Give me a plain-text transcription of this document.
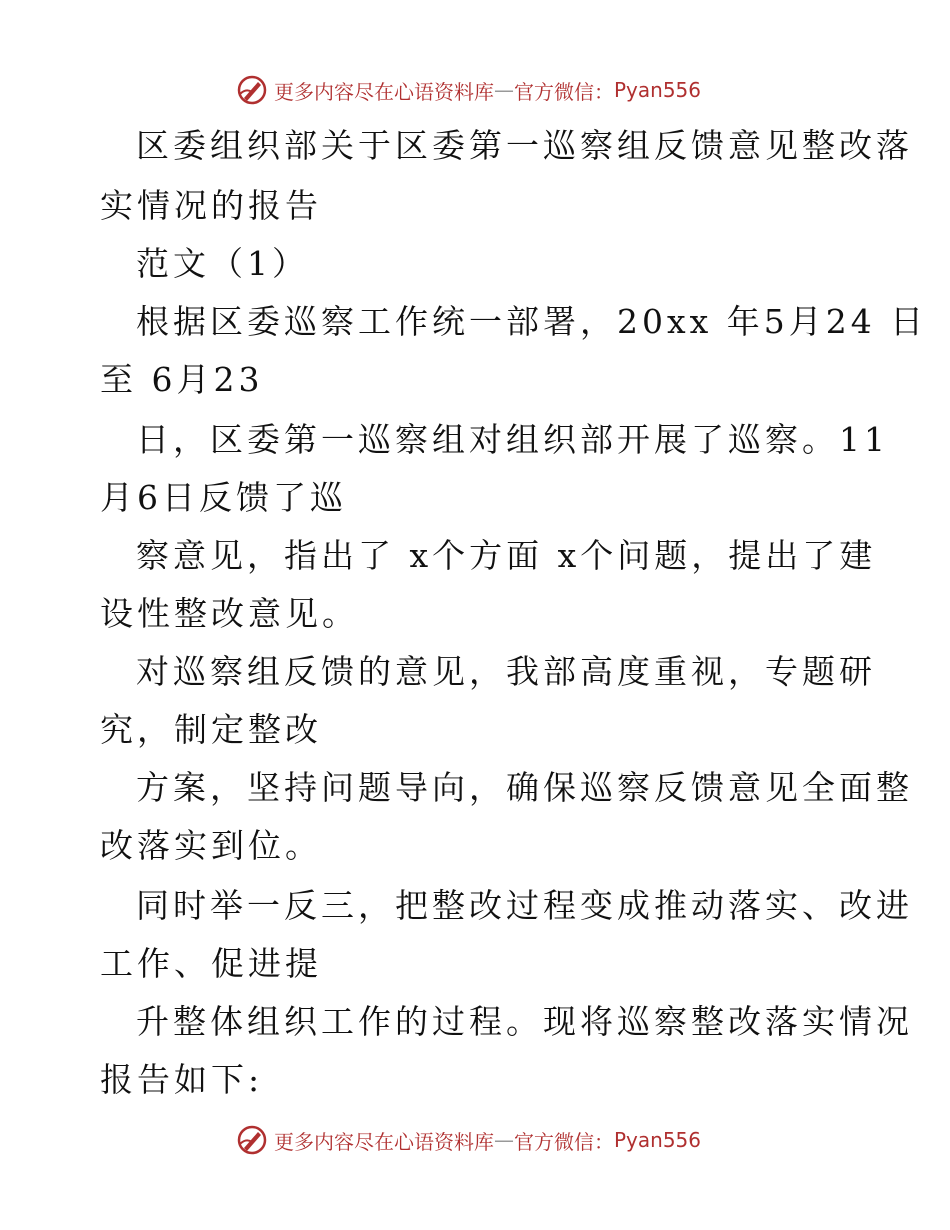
更多内容尽在心语资料库 — 官方微信： Pyan556
区委组织部关于区委第一巡察组反馈意见整改落
实情况的报告
范文（1）
根据区委巡察工作统一部署，20xx 年5月24 日
至 6月23
日，区委第一巡察组对组织部开展了巡察。11
月6日反馈了巡
察意见，指出了 x个方面 x个问题，提出了建
设性整改意见。
对巡察组反馈的意见，我部高度重视，专题研
究，制定整改
方案，坚持问题导向，确保巡察反馈意见全面整
改落实到位。
同时举一反三，把整改过程变成推动落实、改进
工作、促进提
升整体组织工作的过程。现将巡察整改落实情况
报告如下:
更多内容尽在心语资料库 — 官方微信： Pyan556
